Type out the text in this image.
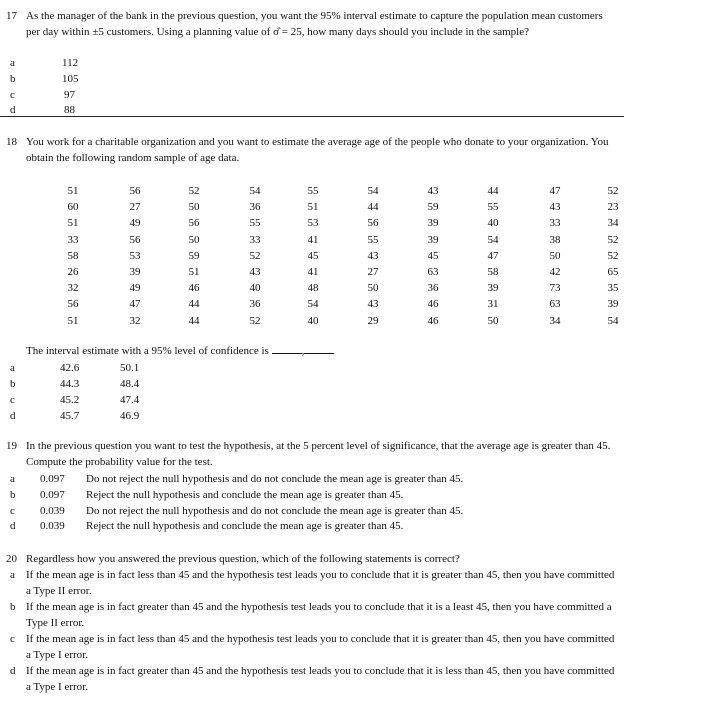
17 As the manager of the bank in the previous question, you want the 95% interval estimate to capture the population mean customers per day within ±5 customers. Using a planning value of σ̂ = 25, how many days should you include in the sample?
a	112
b	105
c	97
d	88
18 You work for a charitable organization and you want to estimate the average age of the people who donate to your organization. You obtain the following random sample of age data.
51	56	52	54	55	54	43	44	47	52
60	27	50	36	51	44	59	55	43	23
51	49	56	55	53	56	39	40	33	34
33	56	50	33	41	55	39	54	38	52
58	53	59	52	45	43	45	47	50	52
26	39	51	43	41	27	63	58	42	65
32	49	46	40	48	50	36	39	73	35
56	47	44	36	54	43	46	31	63	39
51	32	44	52	40	29	46	50	34	54
The interval estimate with a 95% level of confidence is	,
a	42.6	50.1
b	44.3	48.4
c	45.2	47.4
d	45.7	46.9
19 In the previous question you want to test the hypothesis, at the 5 percent level of significance, that the average age is greater than 45. Compute the probability value for the test.
a 0.097 Do not reject the null hypothesis and do not conclude the mean age is greater than 45.
b 0.097 Reject the null hypothesis and conclude the mean age is greater than 45.
c 0.039 Do not reject the null hypothesis and do not conclude the mean age is greater than 45.
d 0.039 Reject the null hypothesis and conclude the mean age is greater than 45.
20 Regardless how you answered the previous question, which of the following statements is correct?
a If the mean age is in fact less than 45 and the hypothesis test leads you to conclude that it is greater than 45, then you have committed a Type II error.
b If the mean age is in fact greater than 45 and the hypothesis test leads you to conclude that it is a least 45, then you have committed a Type II error.
c If the mean age is in fact less than 45 and the hypothesis test leads you to conclude that it is greater than 45, then you have committed a Type I error.
d If the mean age is in fact greater than 45 and the hypothesis test leads you to conclude that it is less than 45, then you have committed a Type I error.
